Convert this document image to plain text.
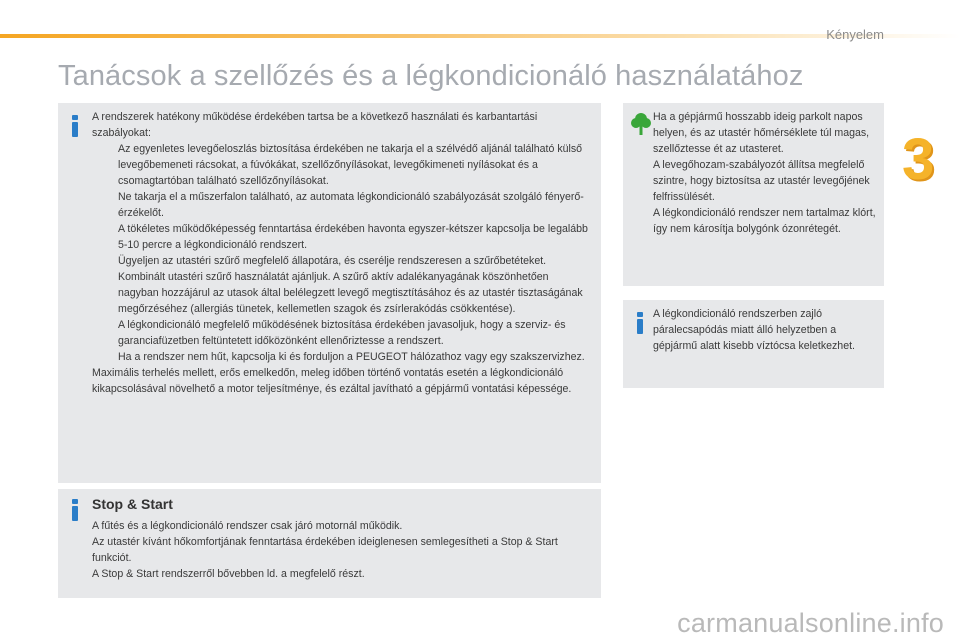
Kényelem
Tanácsok a szellőzés és a légkondicionáló használatához
3

A rendszerek hatékony működése érdekében tartsa be a következő használati és karbantartási szabályokat:

Az egyenletes levegőeloszlás biztosítása érdekében ne takarja el a szélvédő aljánál található külső levegőbemeneti rácsokat, a fúvókákat, szellőzőnyílásokat, levegőkimeneti nyílásokat és a csomagtartóban található szellőzőnyílásokat.

Ne takarja el a műszerfalon található, az automata légkondicionáló szabályozását szolgáló fényerő-érzékelőt.

A tökéletes működőképesség fenntartása érdekében havonta egyszer-kétszer kapcsolja be legalább 5-10 percre a légkondicionáló rendszert.

Ügyeljen az utastéri szűrő megfelelő állapotára, és cserélje rendszeresen a szűrőbetéteket.

Kombinált utastéri szűrő használatát ajánljuk. A szűrő aktív adalékanyagának köszönhetően nagyban hozzájárul az utasok által belélegzett levegő megtisztításához és az utastér tisztaságának megőrzéséhez (allergiás tünetek, kellemetlen szagok és zsírlerakódás csökkentése).

A légkondicionáló megfelelő működésének biztosítása érdekében javasoljuk, hogy a szerviz- és garanciafüzetben feltüntetett időközönként ellenőriztesse a rendszert.

Ha a rendszer nem hűt, kapcsolja ki és forduljon a PEUGEOT hálózathoz vagy egy szakszervizhez.

Maximális terhelés mellett, erős emelkedőn, meleg időben történő vontatás esetén a légkondicionáló kikapcsolásával növelhető a motor teljesítménye, és ezáltal javítható a gépjármű vontatási képessége.

Stop & Start

A fűtés és a légkondicionáló rendszer csak járó motornál működik.

Az utastér kívánt hőkomfortjának fenntartása érdekében ideiglenesen semlegesítheti a Stop & Start funkciót.

A Stop & Start rendszerről bővebben ld. a megfelelő részt.

Ha a gépjármű hosszabb ideig parkolt napos helyen, és az utastér hőmérséklete túl magas, szellőztesse ét az utasteret.

A levegőhozam-szabályozót állítsa megfelelő szintre, hogy biztosítsa az utastér levegőjének felfrissülését.

A légkondicionáló rendszer nem tartalmaz klórt, így nem károsítja bolygónk ózonrétegét.

A légkondicionáló rendszerben zajló páralecsapódás miatt álló helyzetben a gépjármű alatt kisebb víztócsa keletkezhet.
carmanualsonline.info
